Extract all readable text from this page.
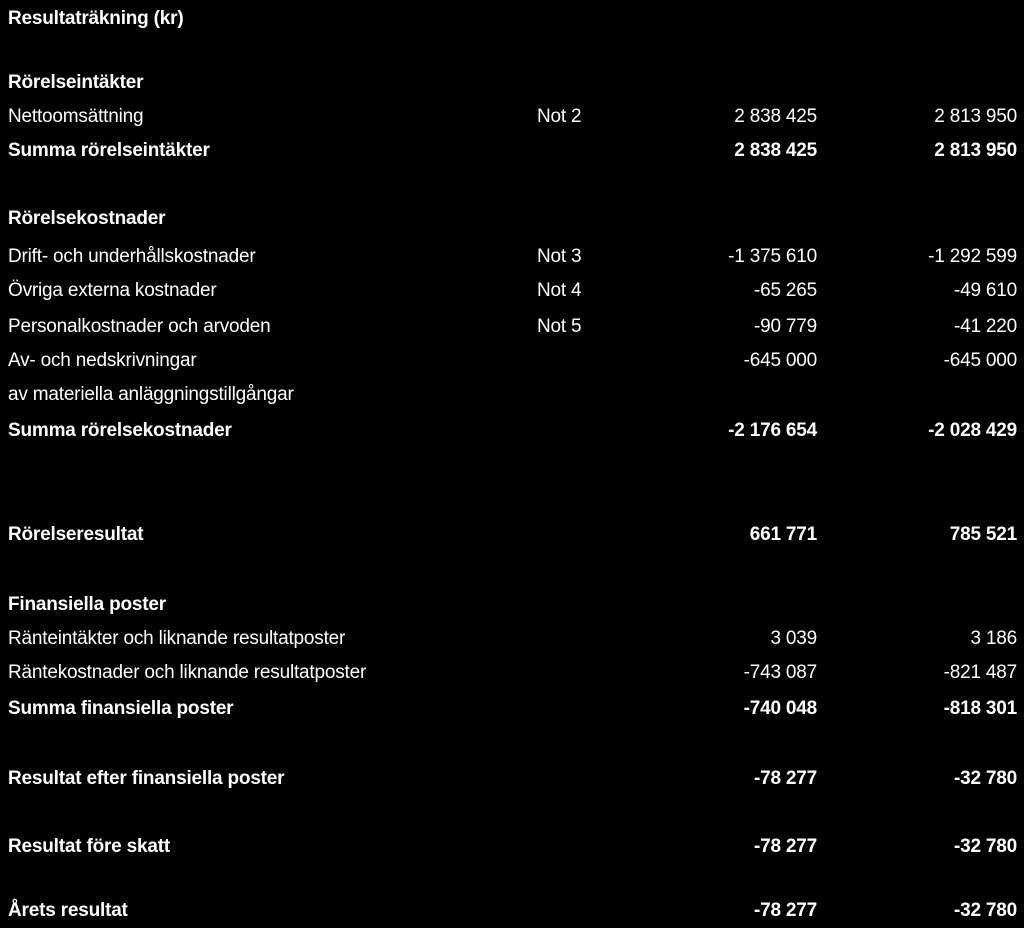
Resultaträkning (kr)
Rörelseintäkter
Nettoomsättning	Not 2	2 838 425	2 813 950
Summa rörelseintäkter	2 838 425	2 813 950
Rörelsekostnader
Drift- och underhållskostnader	Not 3	-1 375 610	-1 292 599
Övriga externa kostnader	Not 4	-65 265	-49 610
Personalkostnader och arvoden	Not 5	-90 779	-41 220
Av- och nedskrivningar	-645 000	-645 000
av materiella anläggningstillgångar
Summa rörelsekostnader	-2 176 654	-2 028 429
Rörelseresultat	661 771	785 521
Finansiella poster
Ränteintäkter och liknande resultatposter	3 039	3 186
Räntekostnader och liknande resultatposter	-743 087	-821 487
Summa finansiella poster	-740 048	-818 301
Resultat efter finansiella poster	-78 277	-32 780
Resultat före skatt	-78 277	-32 780
Årets resultat	-78 277	-32 780
